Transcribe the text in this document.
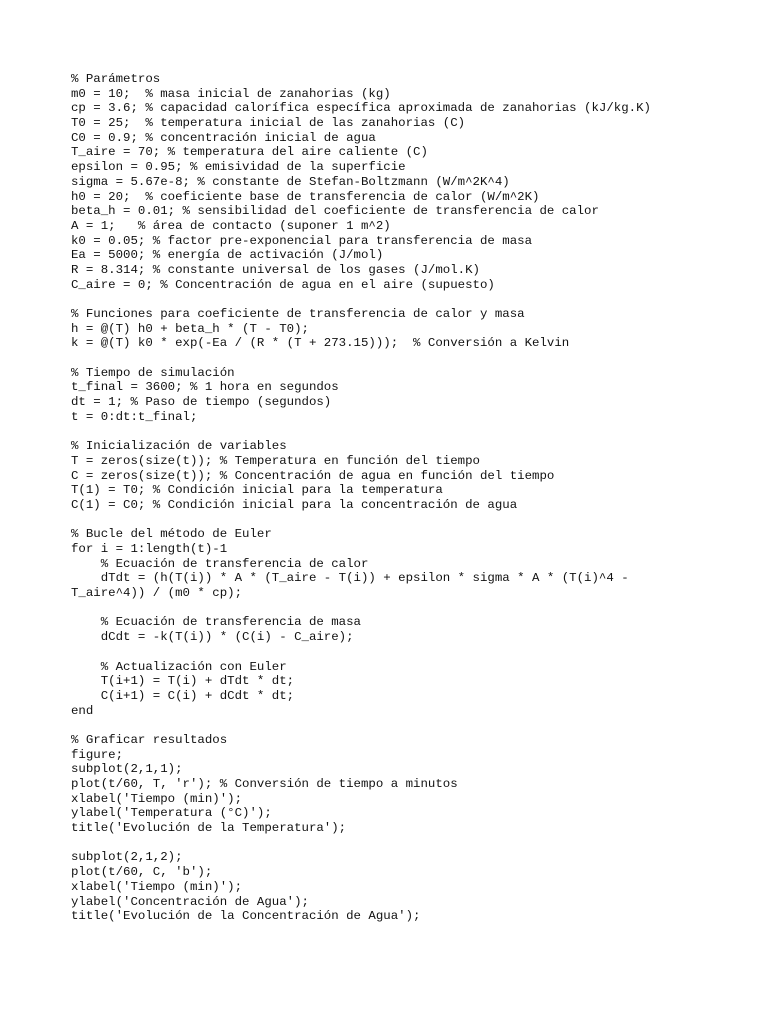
% Parámetros
m0 = 10;  % masa inicial de zanahorias (kg)
cp = 3.6; % capacidad calorífica específica aproximada de zanahorias (kJ/kg.K)
T0 = 25;  % temperatura inicial de las zanahorias (C)
C0 = 0.9; % concentración inicial de agua
T_aire = 70; % temperatura del aire caliente (C)
epsilon = 0.95; % emisividad de la superficie
sigma = 5.67e-8; % constante de Stefan-Boltzmann (W/m^2K^4)
h0 = 20;  % coeficiente base de transferencia de calor (W/m^2K)
beta_h = 0.01; % sensibilidad del coeficiente de transferencia de calor
A = 1;   % área de contacto (suponer 1 m^2)
k0 = 0.05; % factor pre-exponencial para transferencia de masa
Ea = 5000; % energía de activación (J/mol)
R = 8.314; % constante universal de los gases (J/mol.K)
C_aire = 0; % Concentración de agua en el aire (supuesto)
% Funciones para coeficiente de transferencia de calor y masa
h = @(T) h0 + beta_h * (T - T0);
k = @(T) k0 * exp(-Ea / (R * (T + 273.15)));  % Conversión a Kelvin
% Tiempo de simulación
t_final = 3600; % 1 hora en segundos
dt = 1; % Paso de tiempo (segundos)
t = 0:dt:t_final;
% Inicialización de variables
T = zeros(size(t)); % Temperatura en función del tiempo
C = zeros(size(t)); % Concentración de agua en función del tiempo
T(1) = T0; % Condición inicial para la temperatura
C(1) = C0; % Condición inicial para la concentración de agua
% Bucle del método de Euler
for i = 1:length(t)-1
% Ecuación de transferencia de calor
dTdt = (h(T(i)) * A * (T_aire - T(i)) + epsilon * sigma * A * (T(i)^4 -
T_aire^4)) / (m0 * cp);
% Ecuación de transferencia de masa
dCdt = -k(T(i)) * (C(i) - C_aire);
% Actualización con Euler
T(i+1) = T(i) + dTdt * dt;
C(i+1) = C(i) + dCdt * dt;
end
% Graficar resultados
figure;
subplot(2,1,1);
plot(t/60, T, 'r'); % Conversión de tiempo a minutos
xlabel('Tiempo (min)');
ylabel('Temperatura (°C)');
title('Evolución de la Temperatura');
subplot(2,1,2);
plot(t/60, C, 'b');
xlabel('Tiempo (min)');
ylabel('Concentración de Agua');
title('Evolución de la Concentración de Agua');
